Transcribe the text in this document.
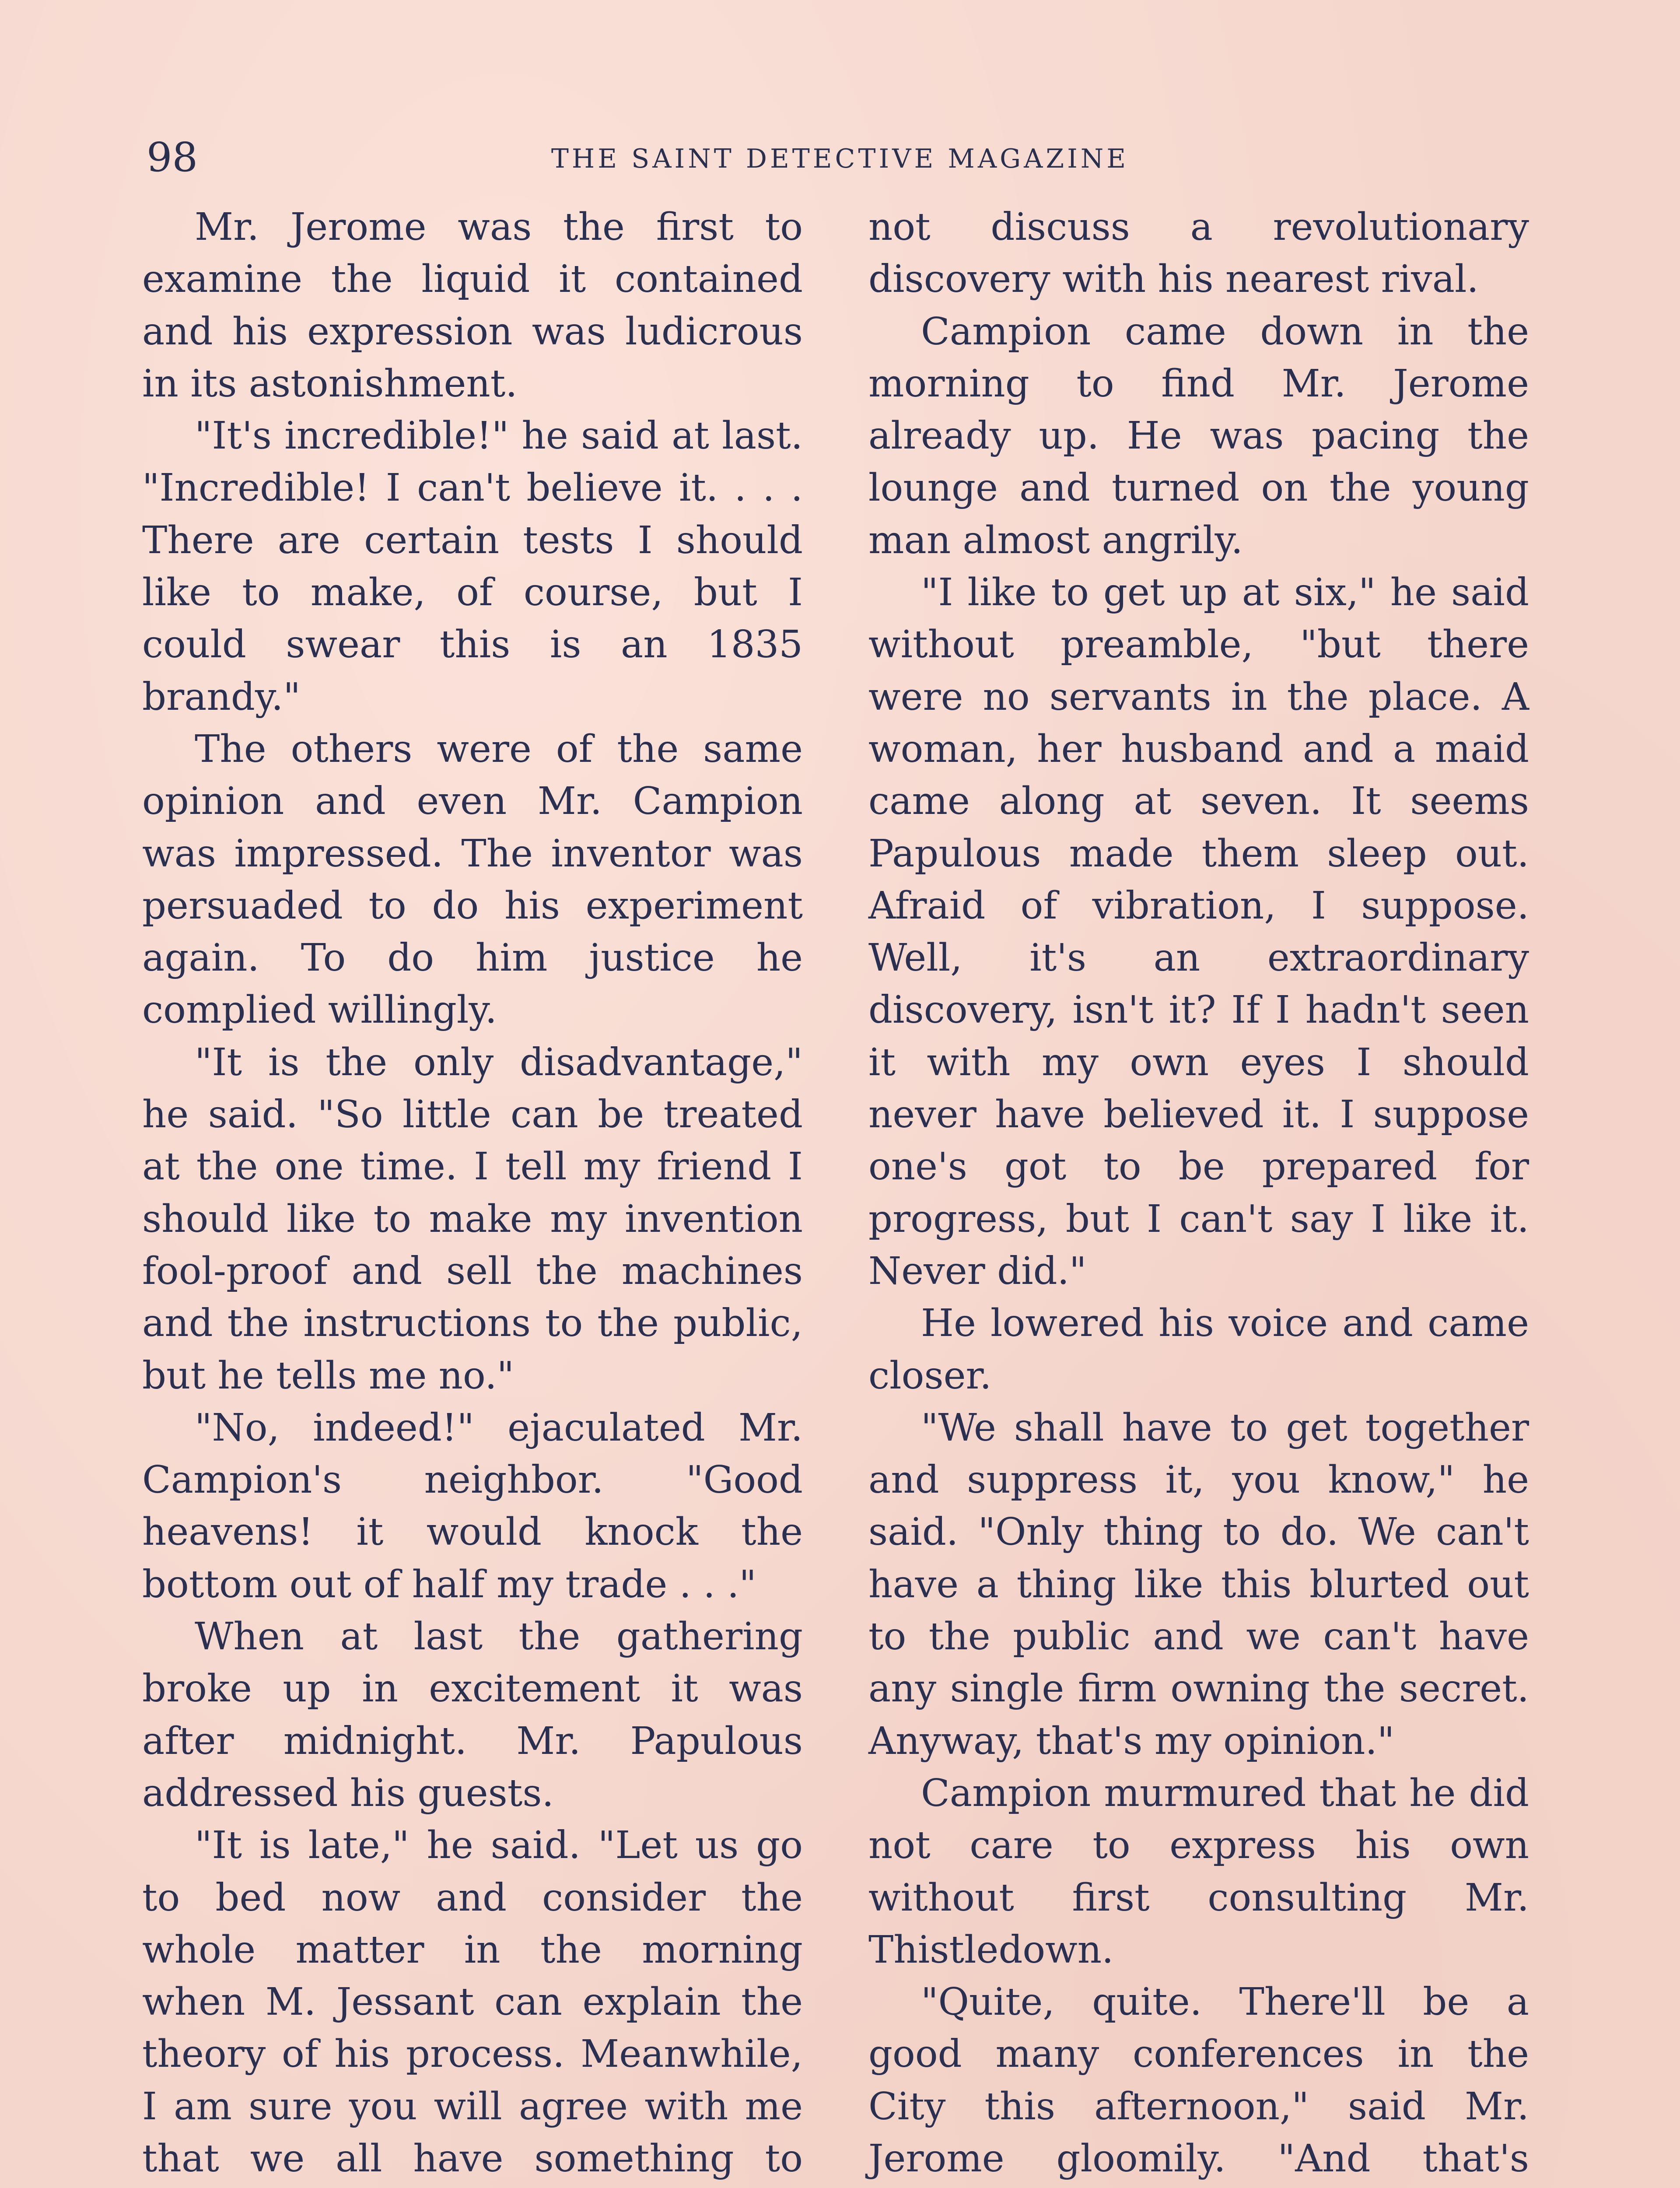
98	THE SAINT DETECTIVE MAGAZINE

Mr. Jerome was the first to examine the liquid it contained and his expression was ludicrous in its astonishment.

"It's incredible!" he said at last. "Incredible! I can't believe it. . . . There are certain tests I should like to make, of course, but I could swear this is an 1835 brandy."

The others were of the same opinion and even Mr. Campion was impressed. The inventor was persuaded to do his experiment again. To do him justice he complied willingly.

"It is the only disadvantage," he said. "So little can be treated at the one time. I tell my friend I should like to make my invention fool-proof and sell the machines and the instructions to the public, but he tells me no."

"No, indeed!" ejaculated Mr. Campion's neighbor. "Good heavens! it would knock the bottom out of half my trade . . ."

When at last the gathering broke up in excitement it was after midnight. Mr. Papulous addressed his guests.

"It is late," he said. "Let us go to bed now and consider the whole matter in the morning when M. Jessant can explain the theory of his process. Meanwhile, I am sure you will agree with me that we all have something to

not discuss a revolutionary discovery with his nearest rival.

Campion came down in the morning to find Mr. Jerome already up. He was pacing the lounge and turned on the young man almost angrily.

"I like to get up at six," he said without preamble, "but there were no servants in the place. A woman, her husband and a maid came along at seven. It seems Papulous made them sleep out. Afraid of vibration, I suppose. Well, it's an extraordinary discovery, isn't it? If I hadn't seen it with my own eyes I should never have believed it. I suppose one's got to be prepared for progress, but I can't say I like it. Never did."

He lowered his voice and came closer.

"We shall have to get together and suppress it, you know," he said. "Only thing to do. We can't have a thing like this blurted out to the public and we can't have any single firm owning the secret. Anyway, that's my opinion."

Campion murmured that he did not care to express his own without first consulting Mr. Thistledown.

"Quite, quite. There'll be a good many conferences in the City this afternoon," said Mr. Jerome gloomily. "And that's
